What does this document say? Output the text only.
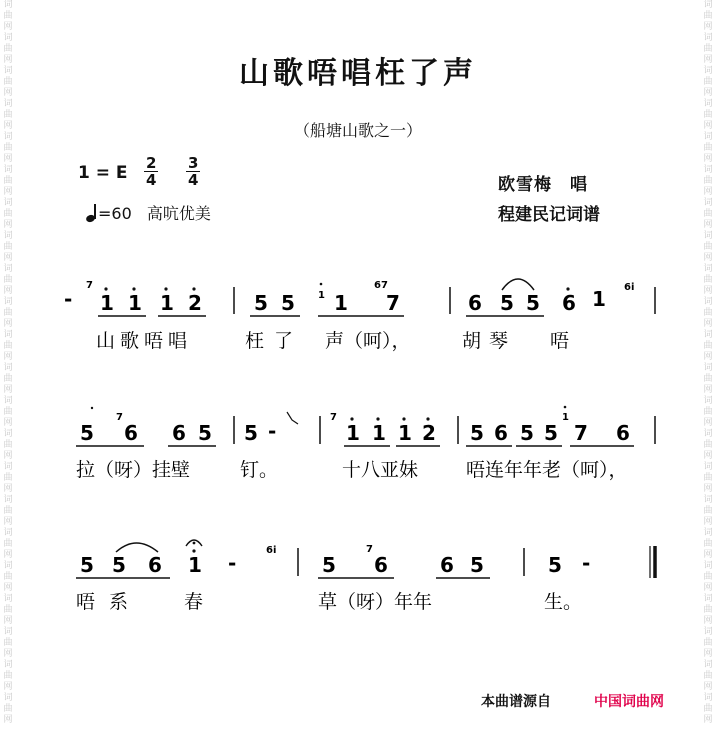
词
曲
网
词
曲
网
词
曲
网
词
曲
网
词
曲
网
词
曲
网
词
曲
网
词
曲
网
词
曲
网
词
曲
网
词
曲
网
词
曲
网
词
曲
网
词
曲
网
词
曲
网
词
曲
网
词
曲
网
词
曲
网
词
曲
网
词
曲
网
词
曲
网
词
曲
网
词
曲
网
词
曲
网
词
曲
网
词
曲
网
词
曲
网
词
曲
网
词
曲
网
词
曲
网
词
曲
网
词
曲
网
词
曲
网
词
曲
网
词
曲
网
词
曲
网
词
曲
网
词
曲
网
词
曲
网
词
曲
网
词
曲
网
词
曲
网
词
曲
网
词
曲
网
山歌唔唱枉了声
（船塘山歌之一）
1 = E $\frac{2}{4} \frac{3}{4}$
=60 高吭优美
欧雪梅　唱
程建民记词谱
-
7
1 1 1 2	5 5 1 1
67
7	6 5 5 6 1 6i
山歌唔唱	枉了 声（呵），	胡琴 唔
5
7
6 6 5 5 -
7
1 1 1 2 5 6 5 5
1
7 6
拉（呀）挂壁	钉。	十八亚妹	唔连年年老（呵），
5 5 6 1 -
6i
5
7
6	6 5	5 -
唔系 春	草（呀）年年	生。
本曲谱源自	中国词曲网
